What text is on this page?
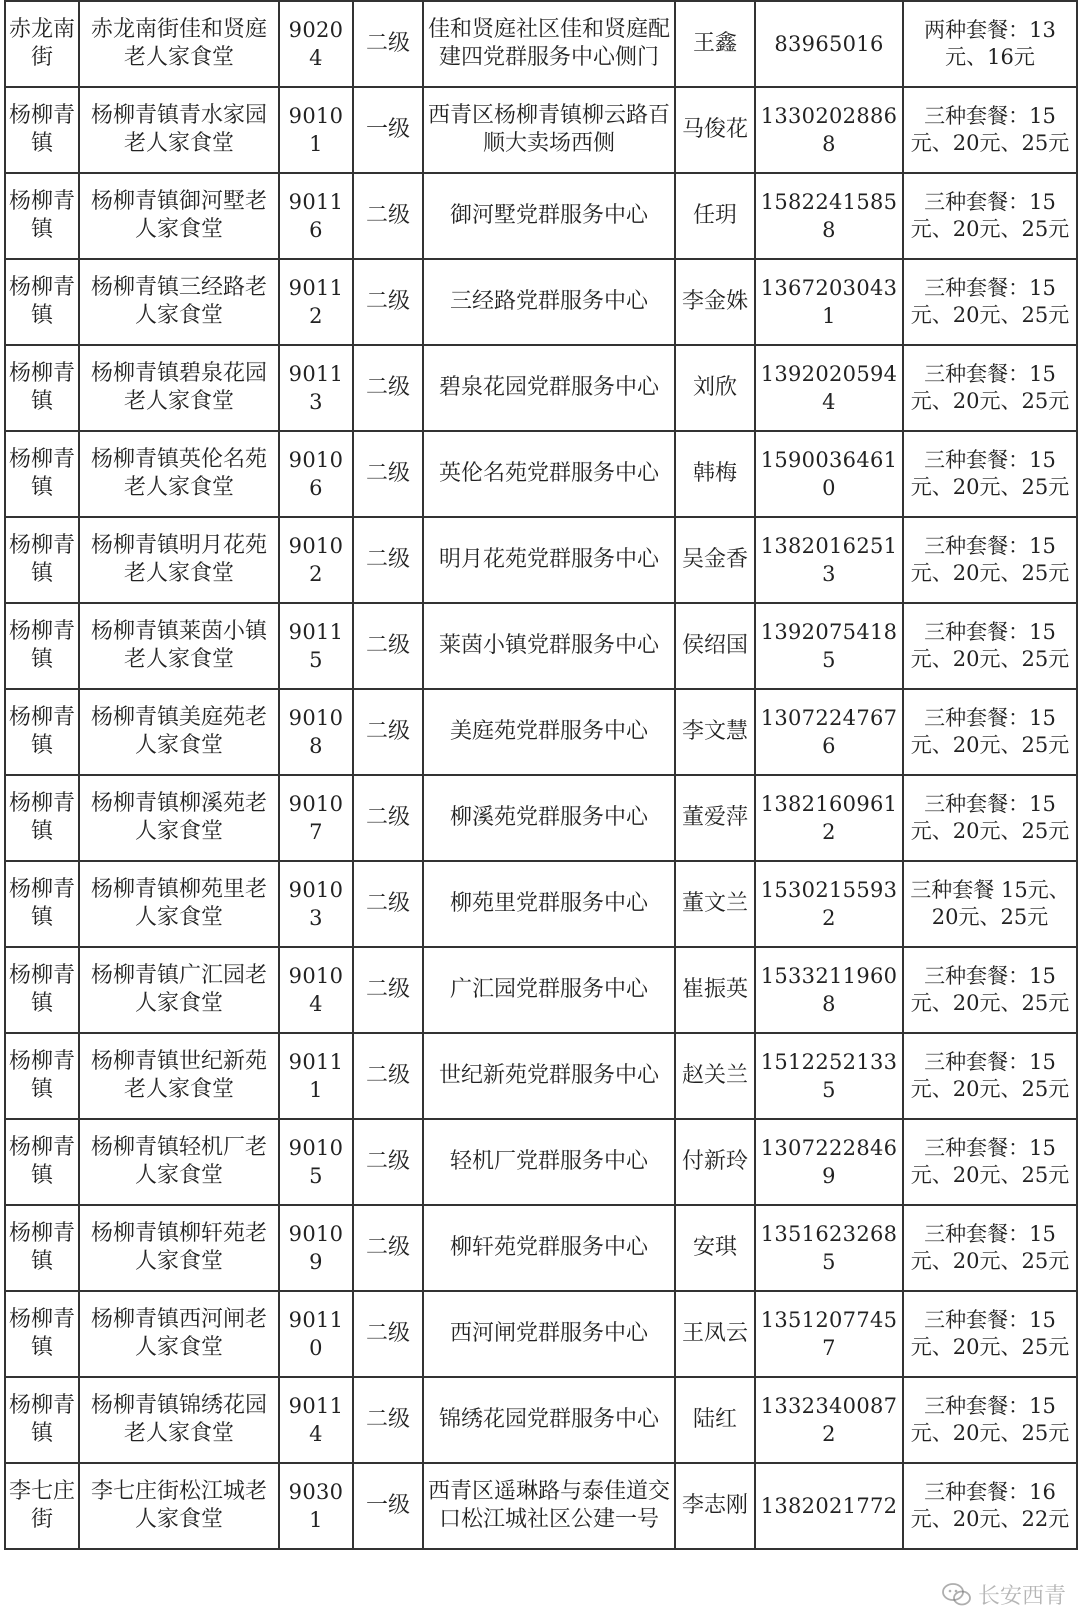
赤龙南街	赤龙南街佳和贤庭老人家食堂	90204	二级	佳和贤庭社区佳和贤庭配建四党群服务中心侧门	王鑫	83965016	两种套餐：13元、16元
杨柳青镇	杨柳青镇青水家园老人家食堂	90101	一级	西青区杨柳青镇柳云路百顺大卖场西侧	马俊花	13302028868	三种套餐：15元、20元、25元
杨柳青镇	杨柳青镇御河墅老人家食堂	90116	二级	御河墅党群服务中心	任玥	15822415858	三种套餐：15元、20元、25元
杨柳青镇	杨柳青镇三经路老人家食堂	90112	二级	三经路党群服务中心	李金姝	13672030431	三种套餐：15元、20元、25元
杨柳青镇	杨柳青镇碧泉花园老人家食堂	90113	二级	碧泉花园党群服务中心	刘欣	13920205944	三种套餐：15元、20元、25元
杨柳青镇	杨柳青镇英伦名苑老人家食堂	90106	二级	英伦名苑党群服务中心	韩梅	15900364610	三种套餐：15元、20元、25元
杨柳青镇	杨柳青镇明月花苑老人家食堂	90102	二级	明月花苑党群服务中心	吴金香	13820162513	三种套餐：15元、20元、25元
杨柳青镇	杨柳青镇莱茵小镇老人家食堂	90115	二级	莱茵小镇党群服务中心	侯绍国	13920754185	三种套餐：15元、20元、25元
杨柳青镇	杨柳青镇美庭苑老人家食堂	90108	二级	美庭苑党群服务中心	李文慧	13072247676	三种套餐：15元、20元、25元
杨柳青镇	杨柳青镇柳溪苑老人家食堂	90107	二级	柳溪苑党群服务中心	董爱萍	13821609612	三种套餐：15元、20元、25元
杨柳青镇	杨柳青镇柳苑里老人家食堂	90103	二级	柳苑里党群服务中心	董文兰	15302155932	三种套餐 15元、20元、25元
杨柳青镇	杨柳青镇广汇园老人家食堂	90104	二级	广汇园党群服务中心	崔振英	15332119608	三种套餐：15元、20元、25元
杨柳青镇	杨柳青镇世纪新苑老人家食堂	90111	二级	世纪新苑党群服务中心	赵关兰	15122521335	三种套餐：15元、20元、25元
杨柳青镇	杨柳青镇轻机厂老人家食堂	90105	二级	轻机厂党群服务中心	付新玲	13072228469	三种套餐：15元、20元、25元
杨柳青镇	杨柳青镇柳轩苑老人家食堂	90109	二级	柳轩苑党群服务中心	安琪	13516232685	三种套餐：15元、20元、25元
杨柳青镇	杨柳青镇西河闸老人家食堂	90110	二级	西河闸党群服务中心	王凤云	13512077457	三种套餐：15元、20元、25元
杨柳青镇	杨柳青镇锦绣花园老人家食堂	90114	二级	锦绣花园党群服务中心	陆红	13323400872	三种套餐：15元、20元、25元
李七庄街	李七庄街松江城老人家食堂	90301	一级	西青区遥琳路与泰佳道交口松江城社区公建一号	李志刚	1382021772	三种套餐：16元、20元、22元
长安西青
